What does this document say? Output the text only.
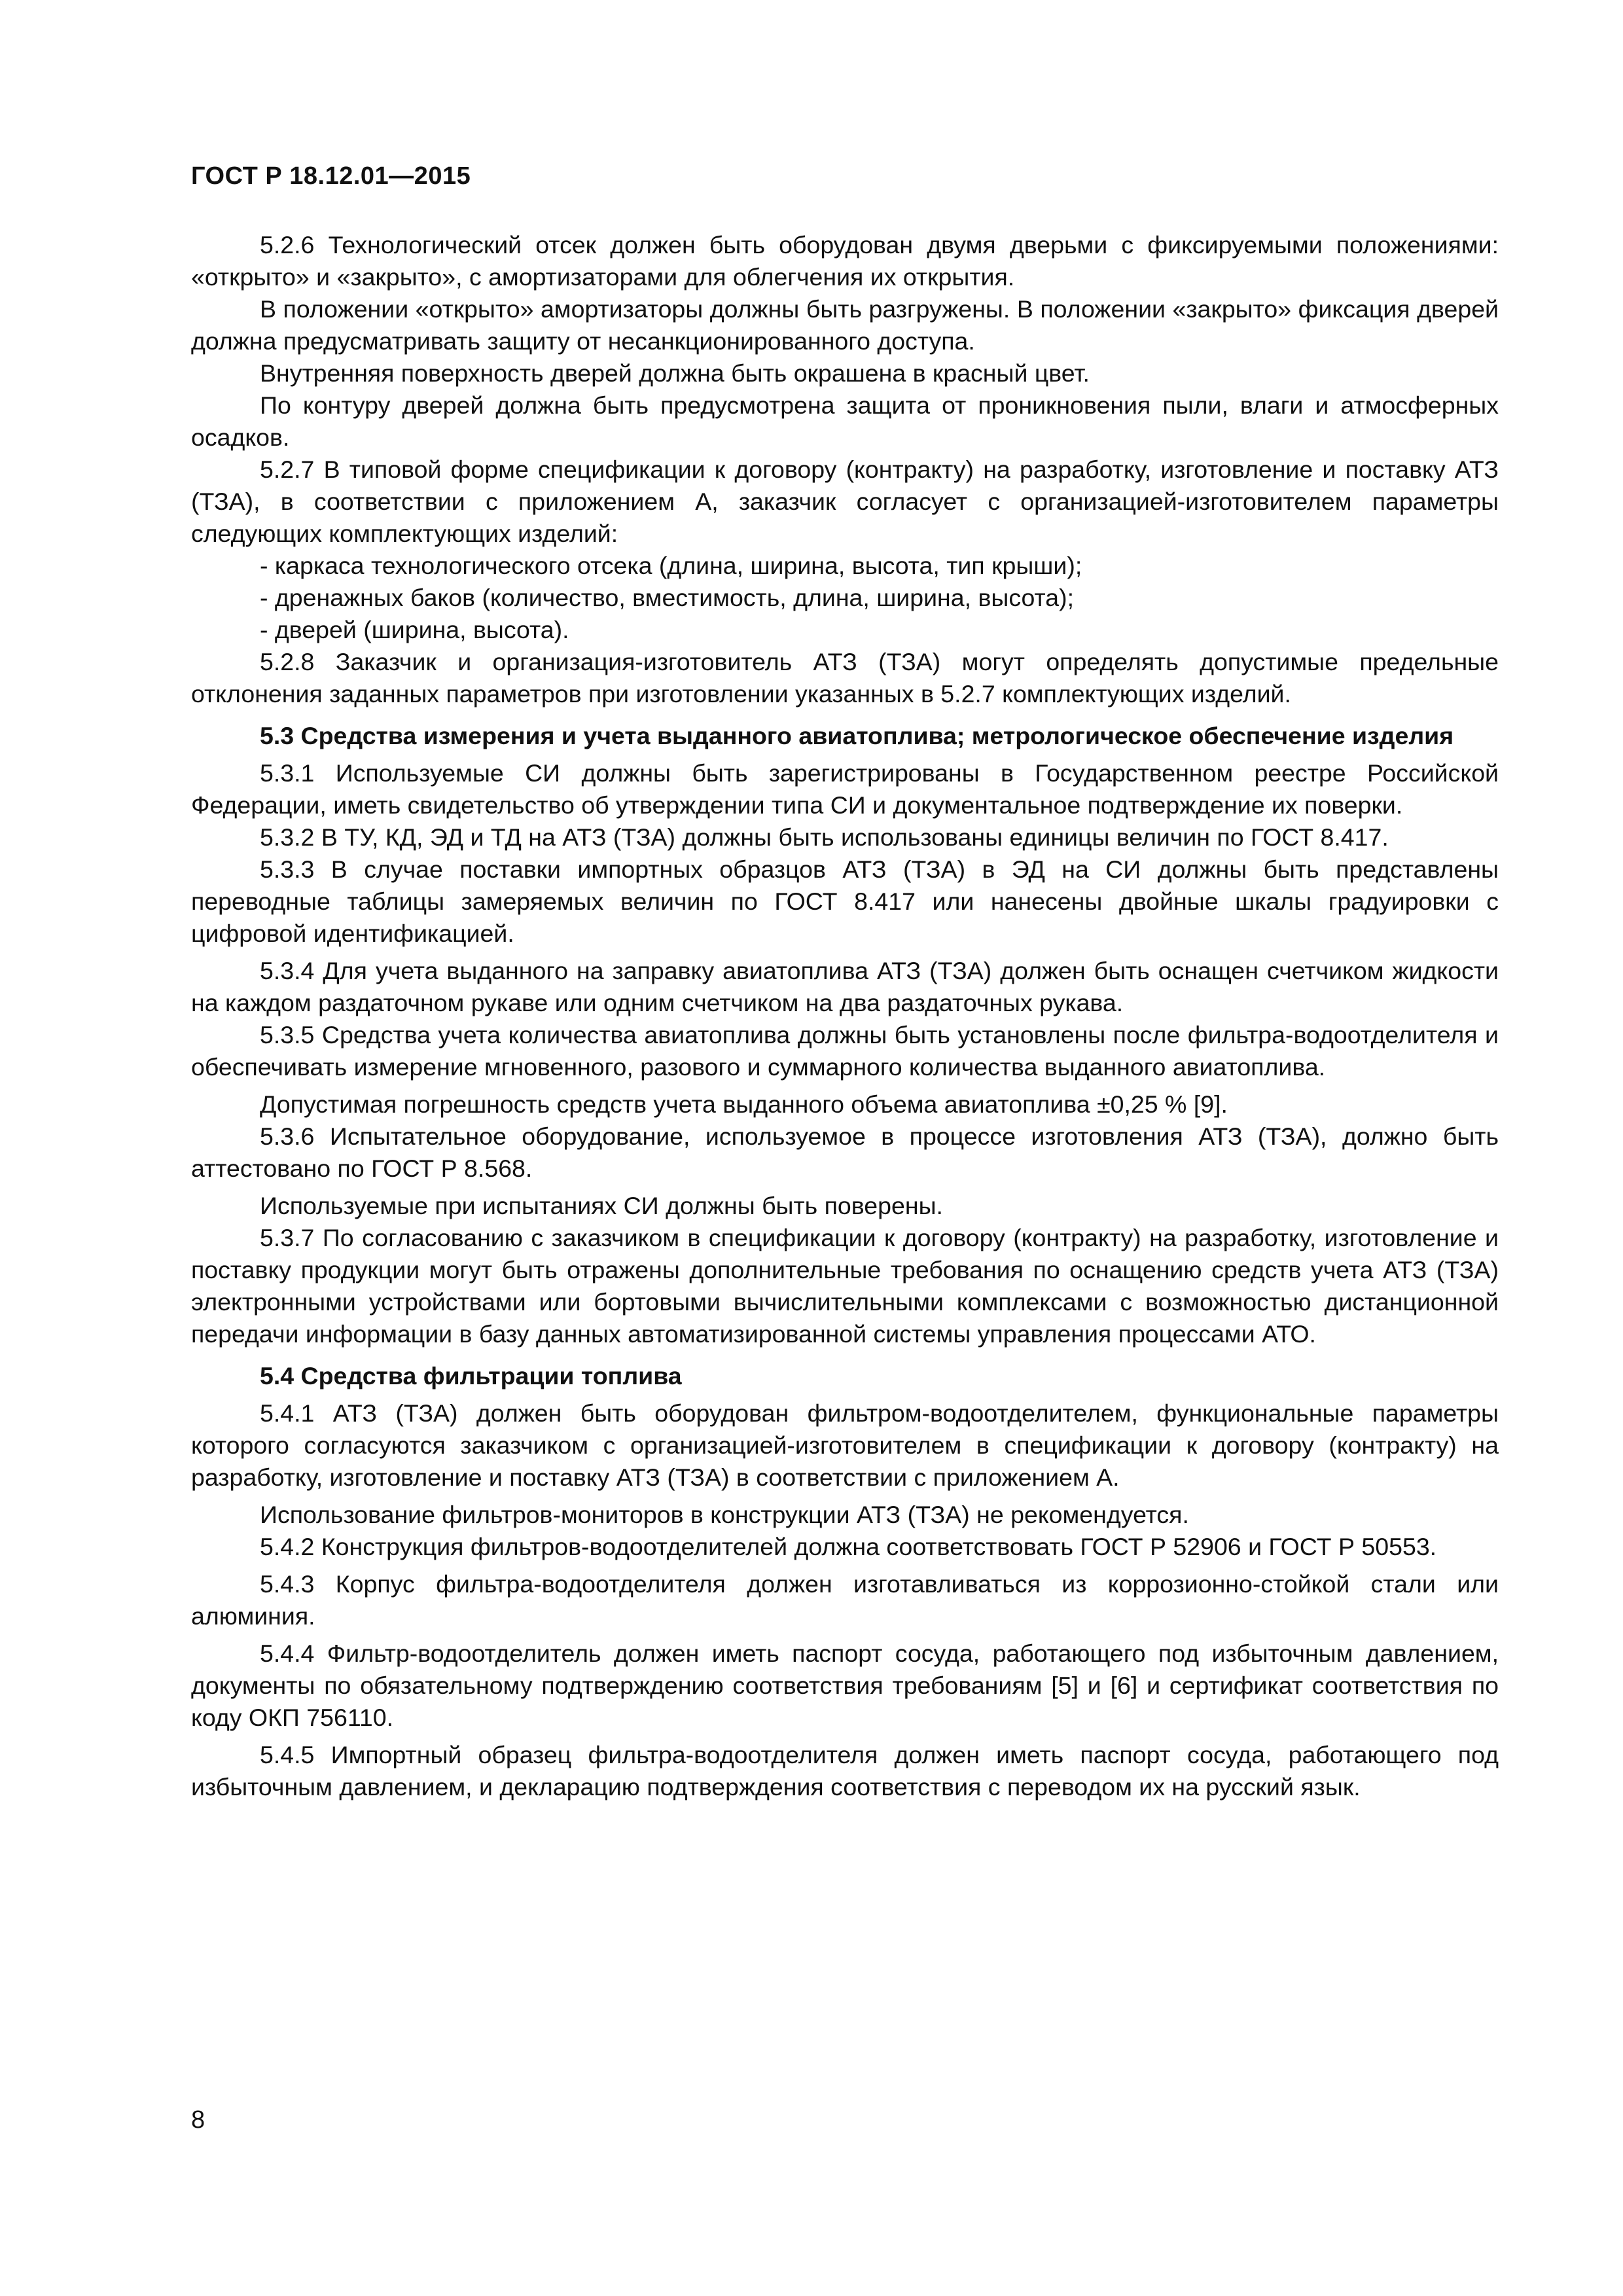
ГОСТ Р 18.12.01—2015

5.2.6 Технологический отсек должен быть оборудован двумя дверьми с фиксируемыми положениями: «открыто» и «закрыто», с амортизаторами для облегчения их открытия.

В положении «открыто» амортизаторы должны быть разгружены. В положении «закрыто» фиксация дверей должна предусматривать защиту от несанкционированного доступа.

Внутренняя поверхность дверей должна быть окрашена в красный цвет.

По контуру дверей должна быть предусмотрена защита от проникновения пыли, влаги и атмосферных осадков.

5.2.7 В типовой форме спецификации к договору (контракту) на разработку, изготовление и поставку АТЗ (ТЗА), в соответствии с приложением А, заказчик согласует с организацией-изготовителем параметры следующих комплектующих изделий:

- каркаса технологического отсека (длина, ширина, высота, тип крыши);

- дренажных баков (количество, вместимость, длина, ширина, высота);

- дверей (ширина, высота).

5.2.8 Заказчик и организация-изготовитель АТЗ (ТЗА) могут определять допустимые предельные отклонения заданных параметров при изготовлении указанных в 5.2.7 комплектующих изделий.

5.3 Средства измерения и учета выданного авиатоплива; метрологическое обеспечение изделия

5.3.1 Используемые СИ должны быть зарегистрированы в Государственном реестре Российской Федерации, иметь свидетельство об утверждении типа СИ и документальное подтверждение их поверки.

5.3.2 В ТУ, КД, ЭД и ТД на АТЗ (ТЗА) должны быть использованы единицы величин по ГОСТ 8.417.

5.3.3 В случае поставки импортных образцов АТЗ (ТЗА) в ЭД на СИ должны быть представлены переводные таблицы замеряемых величин по ГОСТ 8.417 или нанесены двойные шкалы градуировки с цифровой идентификацией.

5.3.4 Для учета выданного на заправку авиатоплива АТЗ (ТЗА) должен быть оснащен счетчиком жидкости на каждом раздаточном рукаве или одним счетчиком на два раздаточных рукава.

5.3.5 Средства учета количества авиатоплива должны быть установлены после фильтра-водоотделителя и обеспечивать измерение мгновенного, разового и суммарного количества выданного авиатоплива.

Допустимая погрешность средств учета выданного объема авиатоплива ±0,25 % [9].

5.3.6 Испытательное оборудование, используемое в процессе изготовления АТЗ (ТЗА), должно быть аттестовано по ГОСТ Р 8.568.

Используемые при испытаниях СИ должны быть поверены.

5.3.7 По согласованию с заказчиком в спецификации к договору (контракту) на разработку, изготовление и поставку продукции могут быть отражены дополнительные требования по оснащению средств учета АТЗ (ТЗА) электронными устройствами или бортовыми вычислительными комплексами с возможностью дистанционной передачи информации в базу данных автоматизированной системы управления процессами АТО.

5.4 Средства фильтрации топлива

5.4.1 АТЗ (ТЗА) должен быть оборудован фильтром-водоотделителем, функциональные параметры которого согласуются заказчиком с организацией-изготовителем в спецификации к договору (контракту) на разработку, изготовление и поставку АТЗ (ТЗА) в соответствии с приложением А.

Использование фильтров-мониторов в конструкции АТЗ (ТЗА) не рекомендуется.

5.4.2 Конструкция фильтров-водоотделителей должна соответствовать ГОСТ Р 52906 и ГОСТ Р 50553.

5.4.3 Корпус фильтра-водоотделителя должен изготавливаться из коррозионно-стойкой стали или алюминия.

5.4.4 Фильтр-водоотделитель должен иметь паспорт сосуда, работающего под избыточным давлением, документы по обязательному подтверждению соответствия требованиям [5] и [6] и сертификат соответствия по коду ОКП 756110.

5.4.5 Импортный образец фильтра-водоотделителя должен иметь паспорт сосуда, работающего под избыточным давлением, и декларацию подтверждения соответствия с переводом их на русский язык.

8
